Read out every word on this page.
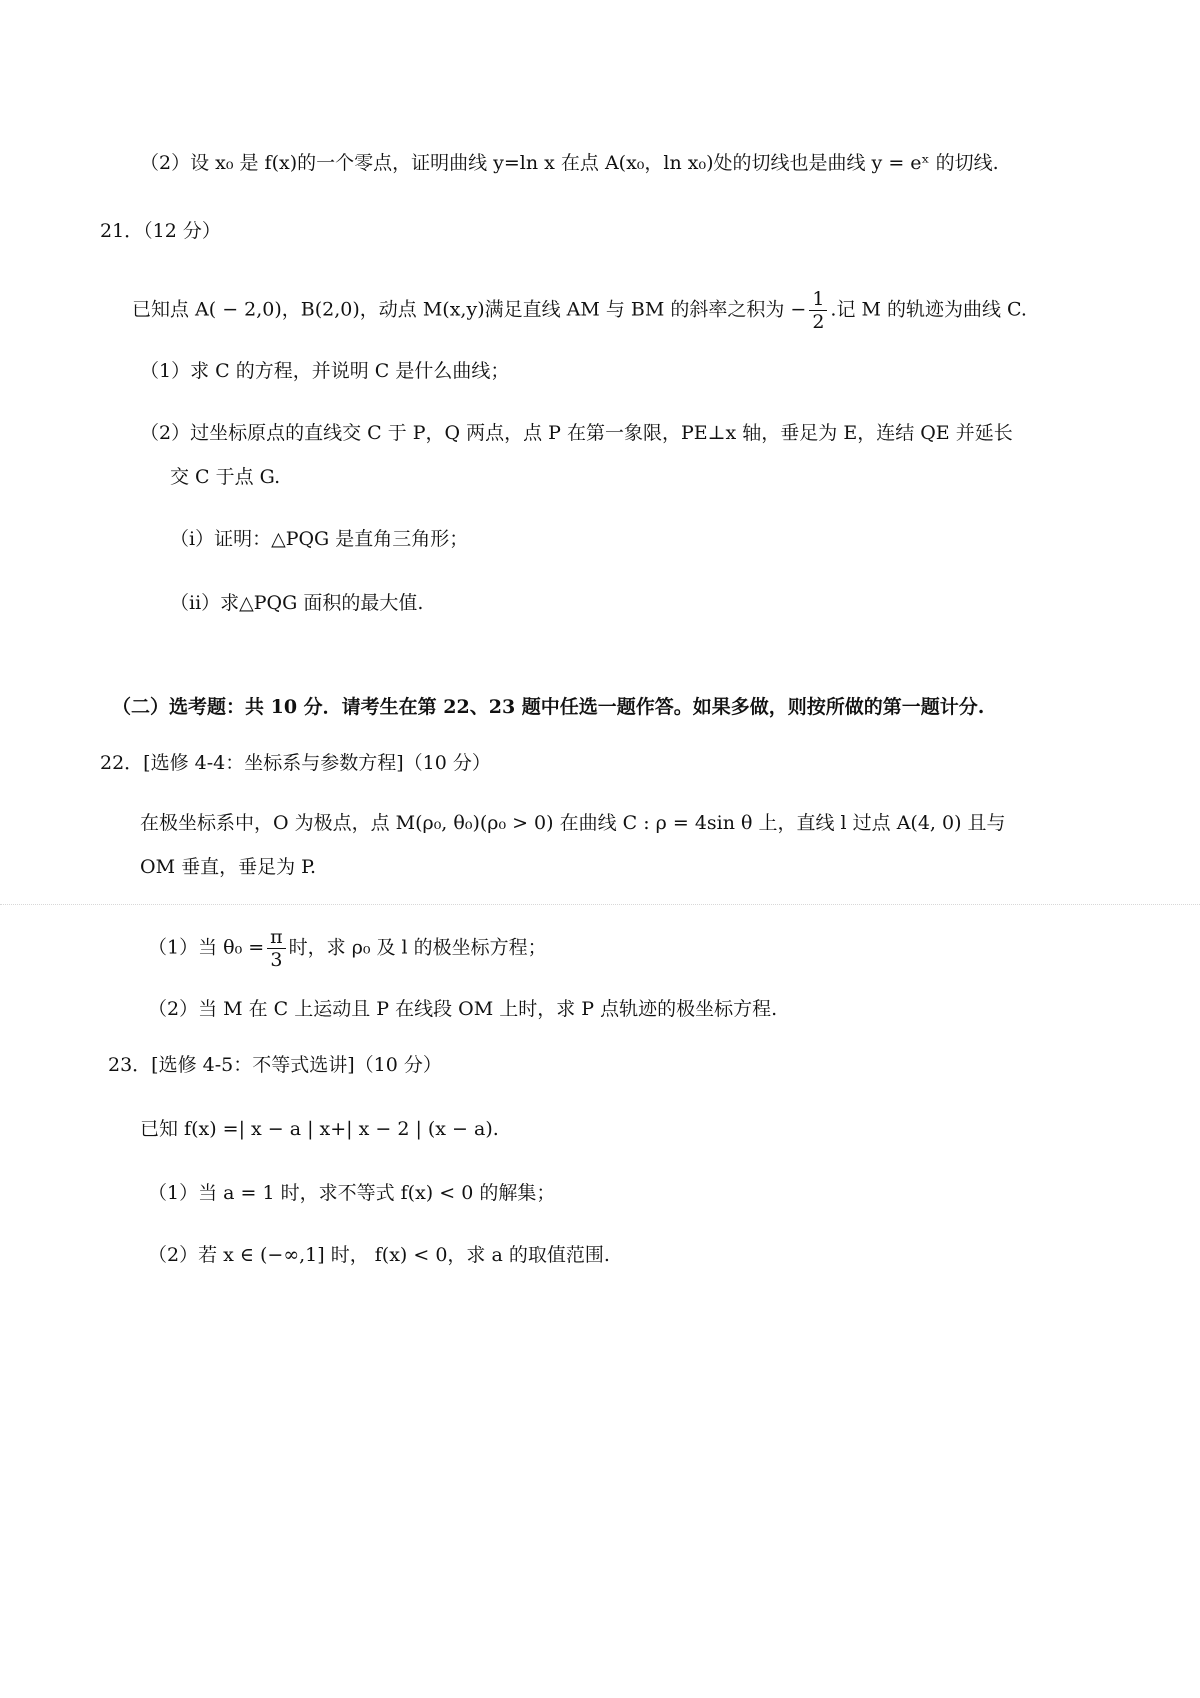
（2）设 x₀ 是 f(x)的一个零点，证明曲线 y=ln x 在点 A(x₀，ln x₀)处的切线也是曲线 y = eˣ 的切线.
21．（12 分）
已知点 A( − 2,0)，B(2,0)，动点 M(x,y)满足直线 AM 与 BM 的斜率之积为 − $\frac{1}{2}$ .记 M 的轨迹为曲线 C.
（1）求 C 的方程，并说明 C 是什么曲线；
（2）过坐标原点的直线交 C 于 P，Q 两点，点 P 在第一象限，PE⊥x 轴，垂足为 E，连结 QE 并延长
交 C 于点 G.
（i）证明：△PQG 是直角三角形；
（ii）求△PQG 面积的最大值.
（二）选考题：共 10 分．请考生在第 22、23 题中任选一题作答。如果多做，则按所做的第一题计分.
22．[选修 4-4：坐标系与参数方程]（10 分）
在极坐标系中，O 为极点，点 M(ρ₀, θ₀)(ρ₀ > 0) 在曲线 C : ρ = 4sin θ 上，直线 l 过点 A(4, 0) 且与
OM 垂直，垂足为 P.
（1）当 $\theta_0 = \frac{\pi}{3}$ 时，求 ρ₀ 及 l 的极坐标方程；
（2）当 M 在 C 上运动且 P 在线段 OM 上时，求 P 点轨迹的极坐标方程.
23．[选修 4-5：不等式选讲]（10 分）
已知 f(x) =| x − a | x+| x − 2 | (x − a).
（1）当 a = 1 时，求不等式 f(x) < 0 的解集；
（2）若 x ∈ (−∞,1] 时， f(x) < 0，求 a 的取值范围.
